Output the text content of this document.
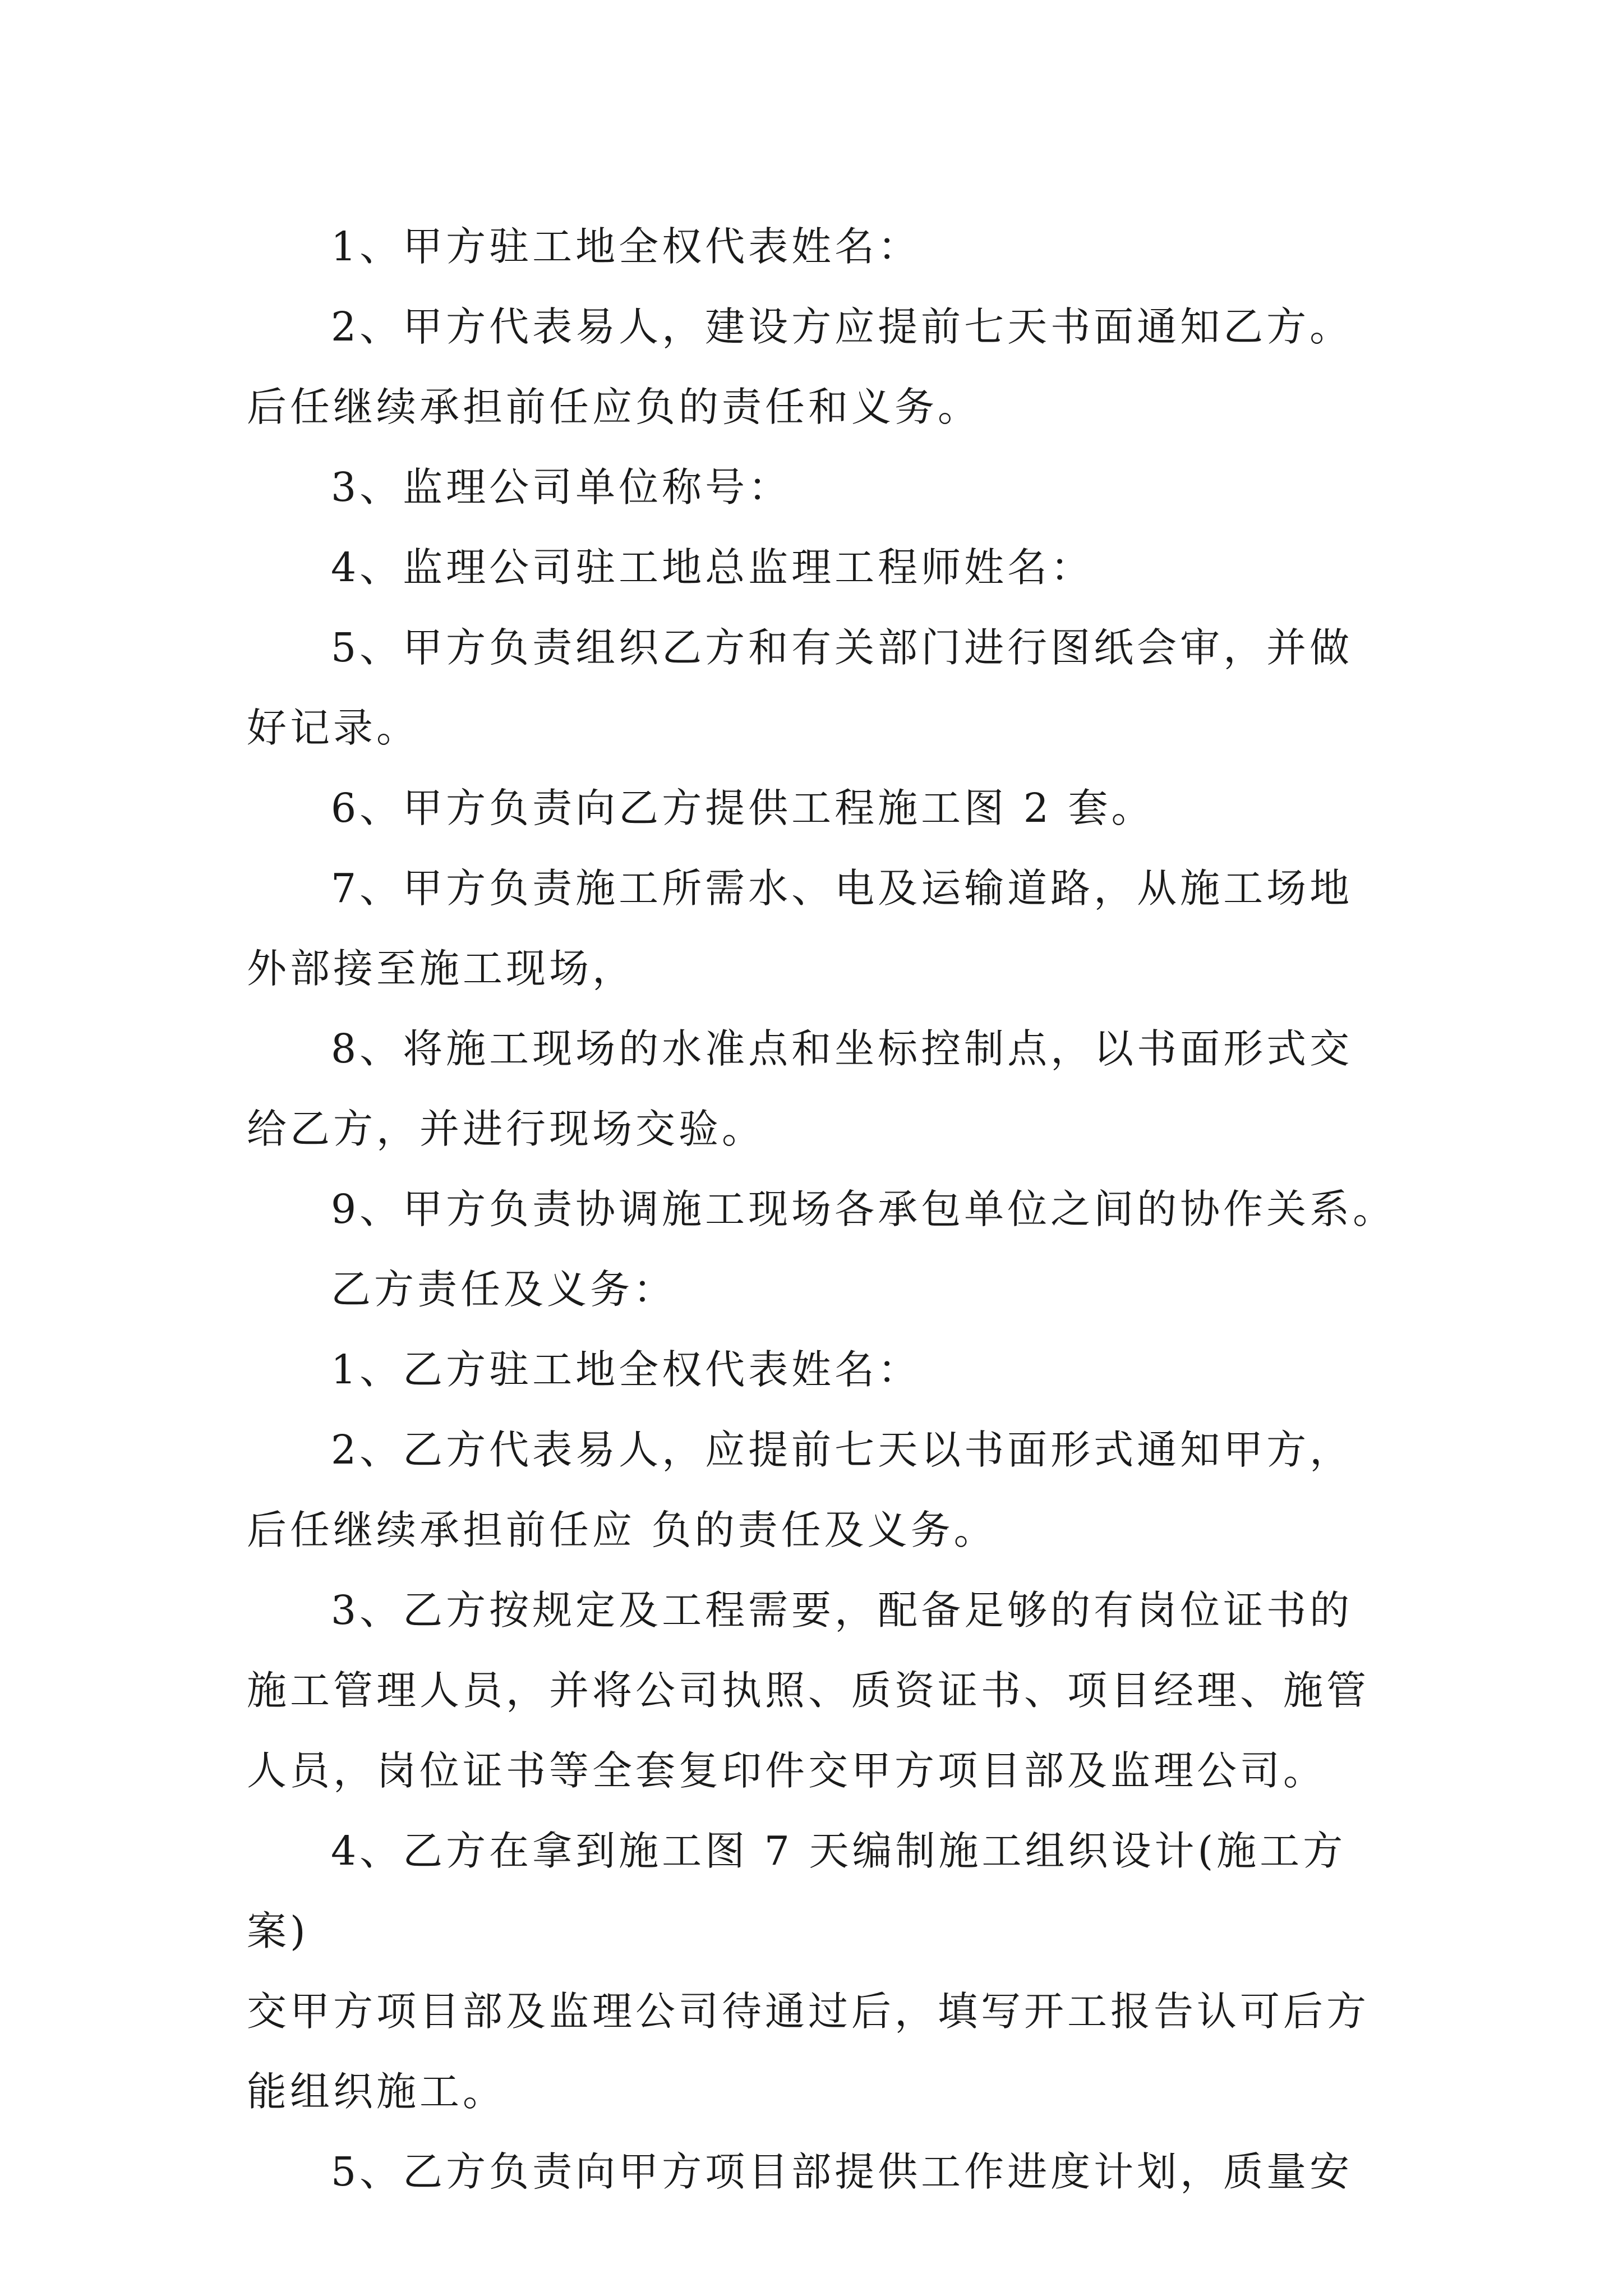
1、甲方驻工地全权代表姓名：

2、甲方代表易人，建设方应提前七天书面通知乙方。
后任继续承担前任应负的责任和义务。

3、监理公司单位称号：

4、监理公司驻工地总监理工程师姓名：

5、甲方负责组织乙方和有关部门进行图纸会审，并做
好记录。

6、甲方负责向乙方提供工程施工图 2 套。

7、甲方负责施工所需水、电及运输道路，从施工场地
外部接至施工现场，

8、将施工现场的水准点和坐标控制点，以书面形式交
给乙方，并进行现场交验。

9、甲方负责协调施工现场各承包单位之间的协作关系。

乙方责任及义务：

1、乙方驻工地全权代表姓名：

2、乙方代表易人，应提前七天以书面形式通知甲方，
后任继续承担前任应 负的责任及义务。

3、乙方按规定及工程需要，配备足够的有岗位证书的
施工管理人员，并将公司执照、质资证书、项目经理、施管
人员，岗位证书等全套复印件交甲方项目部及监理公司。

4、乙方在拿到施工图 7 天编制施工组织设计(施工方案)
交甲方项目部及监理公司待通过后，填写开工报告认可后方
能组织施工。

5、乙方负责向甲方项目部提供工作进度计划，质量安
